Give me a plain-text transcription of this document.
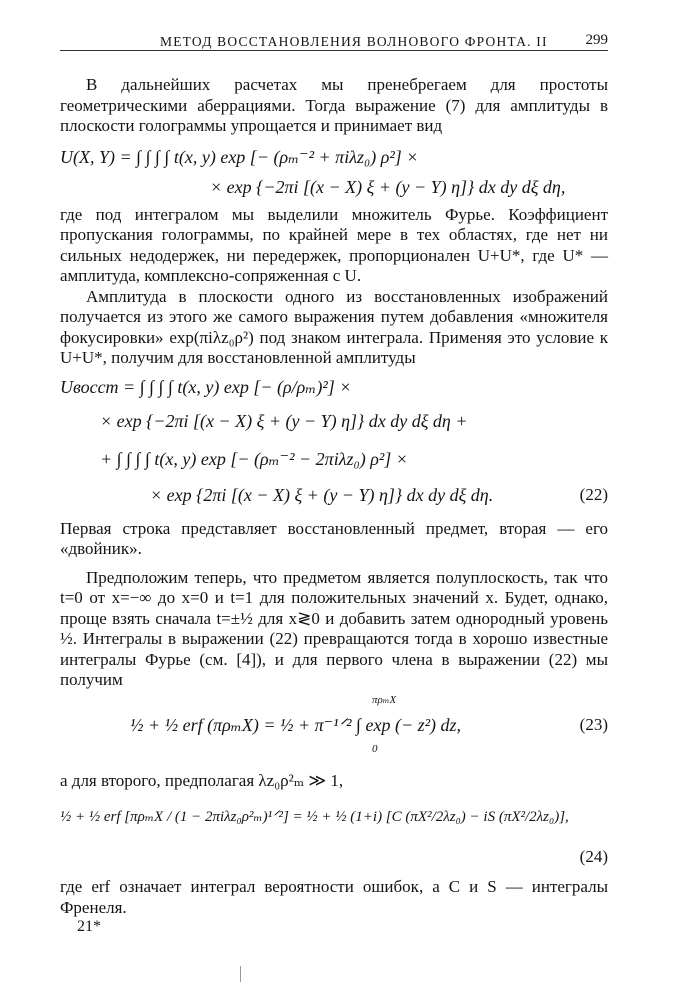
МЕТОД ВОССТАНОВЛЕНИЯ ВОЛНОВОГО ФРОНТА. II	299

В дальнейших расчетах мы пренебрегаем для простоты геометрическими аберрациями. Тогда выражение (7) для амплитуды в плоскости голограммы упрощается и принимает вид

U(X, Y) = ∫ ∫ ∫ ∫ t(x, y) exp [− (ρₘ⁻² + πiλz₀) ρ²] ×
× exp {−2πi [(x − X) ξ + (y − Y) η]} dx dy dξ dη,

где под интегралом мы выделили множитель Фурье. Коэффициент пропускания голограммы, по крайней мере в тех областях, где нет ни сильных недодержек, ни передержек, пропорционален U+U*, где U* — амплитуда, комплексно-сопряженная с U.

Амплитуда в плоскости одного из восстановленных изображений получается из этого же самого выражения путем добавления «множителя фокусировки» exp(πiλz₀ρ²) под знаком интеграла. Применяя это условие к U+U*, получим для восстановленной амплитуды

Uвосст = ∫ ∫ ∫ ∫ t(x, y) exp [− (ρ/ρₘ)²] ×
× exp {−2πi [(x − X) ξ + (y − Y) η]} dx dy dξ dη +
+ ∫ ∫ ∫ ∫ t(x, y) exp [− (ρₘ⁻² − 2πiλz₀) ρ²] ×
× exp {2πi [(x − X) ξ + (y − Y) η]} dx dy dξ dη.	(22)

Первая строка представляет восстановленный предмет, вторая — его «двойник».

Предположим теперь, что предметом является полуплоскость, так что t=0 от x=−∞ до x=0 и t=1 для положительных значений x. Будет, однако, проще взять сначала t=±½ для x≷0 и добавить затем однородный уровень ½. Интегралы в выражении (22) превращаются тогда в хорошо известные интегралы Фурье (см. [4]), и для первого члена в выражении (22) мы получим

πρₘX
½ + ½ erf (πρₘX) = ½ + π⁻¹ᐟ² ∫ exp (− z²) dz,
0
(23)

а для второго, предполагая λz₀ρ²ₘ ≫ 1,

½ + ½ erf [πρₘX / (1 − 2πiλz₀ρ²ₘ)¹ᐟ²] = ½ + ½ (1+i) [C (πX²/2λz₀) − iS (πX²/2λz₀)],
(24)

где erf означает интеграл вероятности ошибок, а C и S — интегралы Френеля.

21*
